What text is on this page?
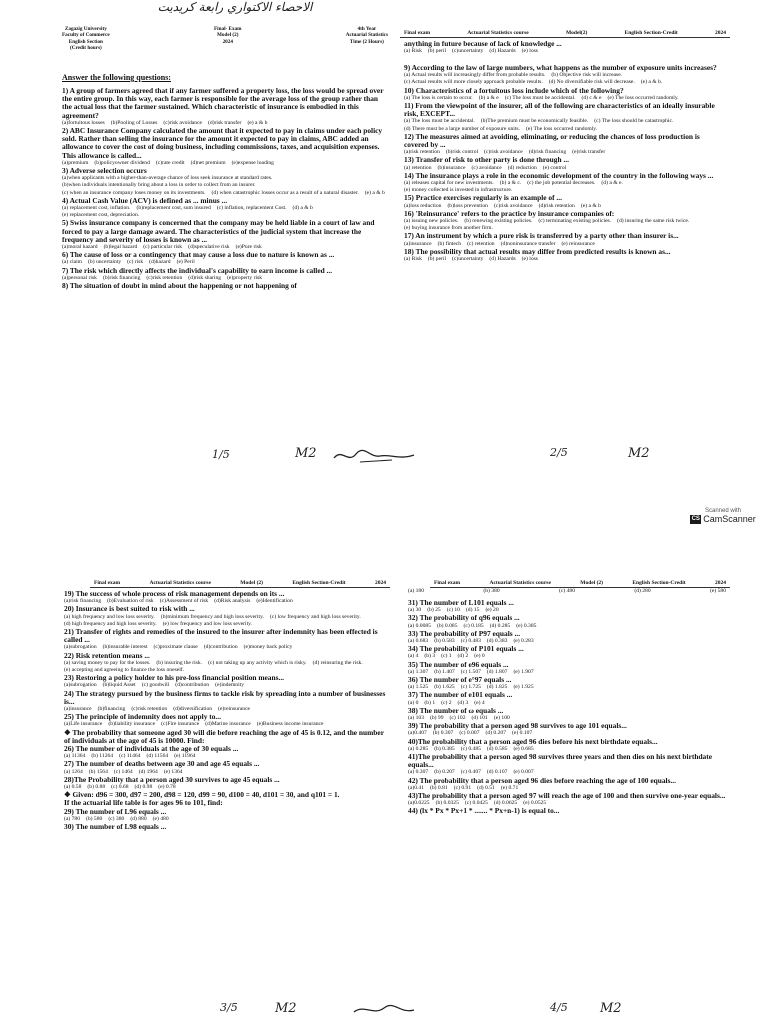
الاحصاء الاكتواري رابعة كريديت
Zagazig University
Faculty of Commerce
English Section
(Credit hours)
Final- Exam
Model (2)
2024
4th Year
Actuarial Statistics
Time (2 Hours)
Answer the following questions:
1) A group of farmers agreed that if any farmer suffered a property loss, the loss would be spread over the entire group. In this way, each farmer is responsible for the average loss of the group rather than the actual loss that the farmer sustained. Which characteristic of insurance is embodied in this agreement?
(a)fortuitous losses (b)Pooling of Losses (c)risk avoidance (d)risk transfer (e) a & b
2) ABC Insurance Company calculated the amount that it expected to pay in claims under each policy sold. Rather than selling the insurance for the amount it expected to pay in claims, ABC added an allowance to cover the cost of doing business, including commissions, taxes, and acquisition expenses. This allowance is called...
(a)premium (b)policyowner dividend (c)rate credit (d)net premium (e)expense loading
3) Adverse selection occurs
(a)when applicants with a higher-than-average chance of loss seek insurance at standard rates.
(b)when individuals intentionally bring about a loss in order to collect from an insurer.
(c) when an insurance company loses money on its investments. (d) when catastrophic losses occur as a result of a natural disaster. (e) a & b
4) Actual Cash Value (ACV) is defined as ... minus ...
(a) replacement cost, inflation. (b)replacement cost, sum insured (c) inflation, replacement Cost. (d) a & b
(e) replacement cost, depreciation.
5) Swiss insurance company is concerned that the company may be held liable in a court of law and forced to pay a large damage award. The characteristics of the judicial system that increase the frequency and severity of losses is known as ...
(a)moral hazard (b)legal hazard (c) particular risk (d)speculative risk (e)Pure risk
6) The cause of loss or a contingency that may cause a loss due to nature is known as ...
(a) claim (b) uncertainty (c) risk (d)hazard (e) Peril
7) The risk which directly affects the individual's capability to earn income is called ...
(a)personal risk (b)risk financing (c)risk retention (d)risk sharing (e)property risk
8) The situation of doubt in mind about the happening or not happening of
1/5	M2
Final exam	Actuarial Statistics course	Model(2)	English Section-Credit	2024
anything in future because of lack of knowledge ...
(a) Risk (b) peril (c)uncertainty (d) Hazards (e) loss
9) According to the law of large numbers, what happens as the number of exposure units increases?
(a) Actual results will increasingly differ from probable results. (b) Objective risk will increase.
(c) Actual results will more closely approach probable results. (d) No diversifiable risk will decrease. (e) a & b.
10) Characteristics of a fortuitous loss include which of the following?
(a) The loss is certain to occur. (b) a & e (c) The loss must be accidental. (d) c & e (e) The loss occurred randomly.
11) From the viewpoint of the insurer, all of the following are characteristics of an ideally insurable risk, EXCEPT...
(a) The loss must be accidental. (b)The premium must be economically feasible. (c) The loss should be catastrophic.
(d) There must be a large number of exposure units. (e) The loss occurred randomly.
12) The measures aimed at avoiding, eliminating, or reducing the chances of loss production is covered by ...
(a)risk retention (b)risk control (c)risk avoidance (d)risk financing (e)risk transfer
13) Transfer of risk to other party is done through ...
(a) retention (b)insurance (c) avoidance (d) reduction (e) control
14) The insurance plays a role in the economic development of the country in the following ways ...
(a) releases capital for new investments. (b) a & c. (c) the job potential decreases. (d) a & e.
(e) money collected is invested in infrastructure.
15) Practice exercises regularly is an example of ...
(a)loss reduction (b)loss prevention (c)risk avoidance (d)risk retention (e) a & b
16) 'Reinsurance' refers to the practice by insurance companies of:
(a) issuing new policies. (b) renewing existing policies. (c) terminating existing policies. (d) insuring the same risk twice.
(e) buying insurance from another firm.
17) An instrument by which a pure risk is transferred by a party other than insurer is...
(a)insurance (b) fintech (c) retention (d)noninsurance transfer (e) reinsurance
18) The possibility that actual results may differ from predicted results is known as...
(a) Risk (b) peril (c)uncertainty (d) Hazards (e) loss
2/5	M2
Scanned with
CS CamScanner
Final exam	Actuarial Statistics course	Model (2)	English Section-Credit	2024
19) The success of whole process of risk management depends on its ...
(a)risk financing (b)Evaluation of risk (c)Assessment of risk (d)Risk analysis (e)Identification
20) Insurance is best suited to risk with ...
(a) high frequency and low loss severity. (b)minimum frequency and high loss severity. (c) low frequency and high loss severity.
(d) high frequency and high loss severity. (e) low frequency and low loss severity.
21) Transfer of rights and remedies of the insured to the insurer after indemnity has been effected is called ...
(a)subrogation (b)insurable interest (c)proximate clause (d)contribution (e)money back policy
22) Risk retention means ...
(a) saving money to pay for the losses. (b) insuring the risk. (c) not taking up any activity which is risky. (d) reinsuring the risk.
(e) accepting and agreeing to finance the loss oneself.
23) Restoring a policy holder to his pre-loss financial position means...
(a)subrogation (b)liquid Asset (c) goodwill (d)contribution (e)indemnity
24) The strategy pursued by the business firms to tackle risk by spreading into a number of businesses is...
(a)insurance (b)financing (c)risk retention (d)diversification (e)reinsurance
25) The principle of indemnity does not apply to...
(a)Life insurance (b)liability insurance (c)Fire insurance (d)Marine insurance (e)Business income insurance
❖ The probability that someone aged 30 will die before reaching the age of 45 is 0.12, and the number of individuals at the age of 45 is 10000. Find:
26) The number of individuals at the age of 30 equals ...
(a) 11364 (b) 11264 (c) 11464 (d) 11564 (e) 11964
27) The number of deaths between age 30 and age 45 equals ...
(a) 1264 (b) 1564 (c) 1464 (d) 1964 (e) 1364
28)The Probability that a person aged 30 survives to age 45 equals ...
(a) 0.58 (b) 0.88 (c) 0.68 (d) 0.98 (e) 0.78
❖ Given: d96 = 300, d97 = 200, d98 = 120, d99 = 90, d100 = 40, d101 = 30, and q101 = 1.
If the actuarial life table is for ages 96 to 101, find:
29) The number of L96 equals ...
(a) 780 (b) 580 (c) 380 (d) 880 (e) 480
30) The number of L98 equals ...
3/5	M2
Final exam	Actuarial Statistics course	Model (2)	English Section-Credit	2024
(a) 180	(b) 380	(c) 480	(d) 280	(e) 580
31) The number of L101 equals ...
(a) 30 (b) 25 (c) 10 (d) 15 (e) 20
32) The probability of q96 equals ...
(a) 0.0085 (b) 0.085 (c) 0.185 (d) 0.285 (e) 0.385
33) The probability of P97 equals ...
(a) 0.683 (b) 0.583 (c) 0.483 (d) 0.383 (e) 0.283
34) The probability of P101 equals ...
(a) 4 (b) 3 (c) 1 (d) 2 (e) 0
35) The number of e96 equals ...
(a) 1.307 (b) 1.407 (c) 1.507 (d) 1.807 (e) 1.907
36) The number of e°97 equals ...
(a) 1.525 (b) 1.625 (c) 1.725 (d) 1.825 (e) 1.925
37) The number of e101 equals ...
(a) 0 (b) 1 (c) 2 (d) 3 (e) 4
38) The number of ω equals ...
(a) 103 (b) 99 (c) 102 (d) 101 (e) 100
39) The probability that a person aged 98 survives to age 101 equals...
(a)0.407 (b) 0.307 (c) 0.007 (d) 0.207 (e) 0.107
40)The probability that a person aged 96 dies before his next birthdate equals...
(a) 0.285 (b) 0.385 (c) 0.485 (d) 0.585 (e) 0.685
41)The probability that a person aged 98 survives three years and then dies on his next birthdate equals...
(a) 0.307 (b) 0.207 (c) 0.407 (d) 0.107 (e) 0.007
42) The probability that a person aged 96 dies before reaching the age of 100 equals...
(a)0.41 (b) 0.81 (c) 0.91 (d) 0.51 (e) 0.71
43)The probability that a person aged 97 will reach the age of 100 and then survive one-year equals...
(a)0.0225 (b) 0.0325 (c) 0.0425 (d) 0.0625 (e) 0.0525
44) (lx * Px * Px+1 * ....... * Px+n-1) is equal to...
4/5 M2
